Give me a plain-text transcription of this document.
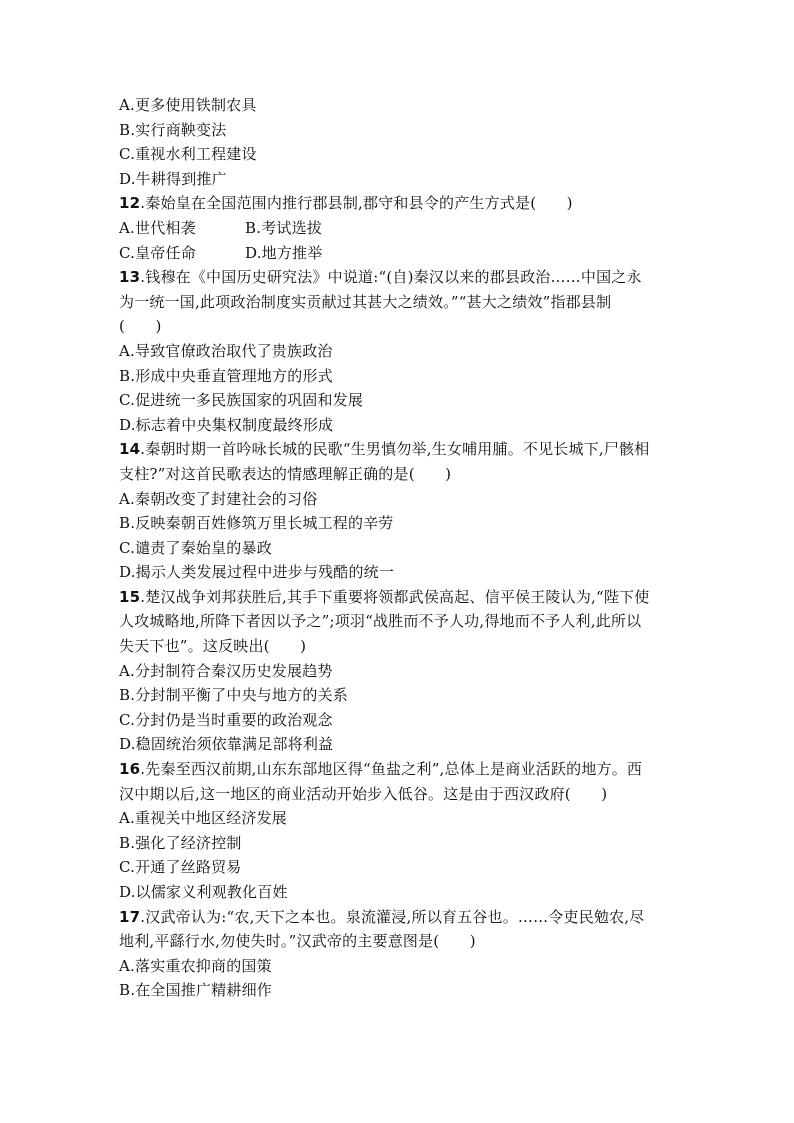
A.更多使用铁制农具
B.实行商鞅变法
C.重视水利工程建设
D.牛耕得到推广
12.秦始皇在全国范围内推行郡县制,郡守和县令的产生方式是(　　)
A.世代相袭	B.考试选拔
C.皇帝任命	D.地方推举
13.钱穆在《中国历史研究法》中说道:“(自)秦汉以来的郡县政治……中国之永
为一统一国,此项政治制度实贡献过其甚大之绩效。”“甚大之绩效”指郡县制
(　　)
A.导致官僚政治取代了贵族政治
B.形成中央垂直管理地方的形式
C.促进统一多民族国家的巩固和发展
D.标志着中央集权制度最终形成
14.秦朝时期一首吟咏长城的民歌“生男慎勿举,生女哺用脯。不见长城下,尸骸相
支柱?”对这首民歌表达的情感理解正确的是(　　)
A.秦朝改变了封建社会的习俗
B.反映秦朝百姓修筑万里长城工程的辛劳
C.谴责了秦始皇的暴政
D.揭示人类发展过程中进步与残酷的统一
15.楚汉战争刘邦获胜后,其手下重要将领都武侯高起、信平侯王陵认为,“陛下使
人攻城略地,所降下者因以予之”;项羽“战胜而不予人功,得地而不予人利,此所以
失天下也”。这反映出(　　)
A.分封制符合秦汉历史发展趋势
B.分封制平衡了中央与地方的关系
C.分封仍是当时重要的政治观念
D.稳固统治须依靠满足部将利益
16.先秦至西汉前期,山东东部地区得“鱼盐之利”,总体上是商业活跃的地方。西
汉中期以后,这一地区的商业活动开始步入低谷。这是由于西汉政府(　　)
A.重视关中地区经济发展
B.强化了经济控制
C.开通了丝路贸易
D.以儒家义利观教化百姓
17.汉武帝认为:“农,天下之本也。泉流灌浸,所以育五谷也。……令吏民勉农,尽
地利,平繇行水,勿使失时。”汉武帝的主要意图是(　　)
A.落实重农抑商的国策
B.在全国推广精耕细作
